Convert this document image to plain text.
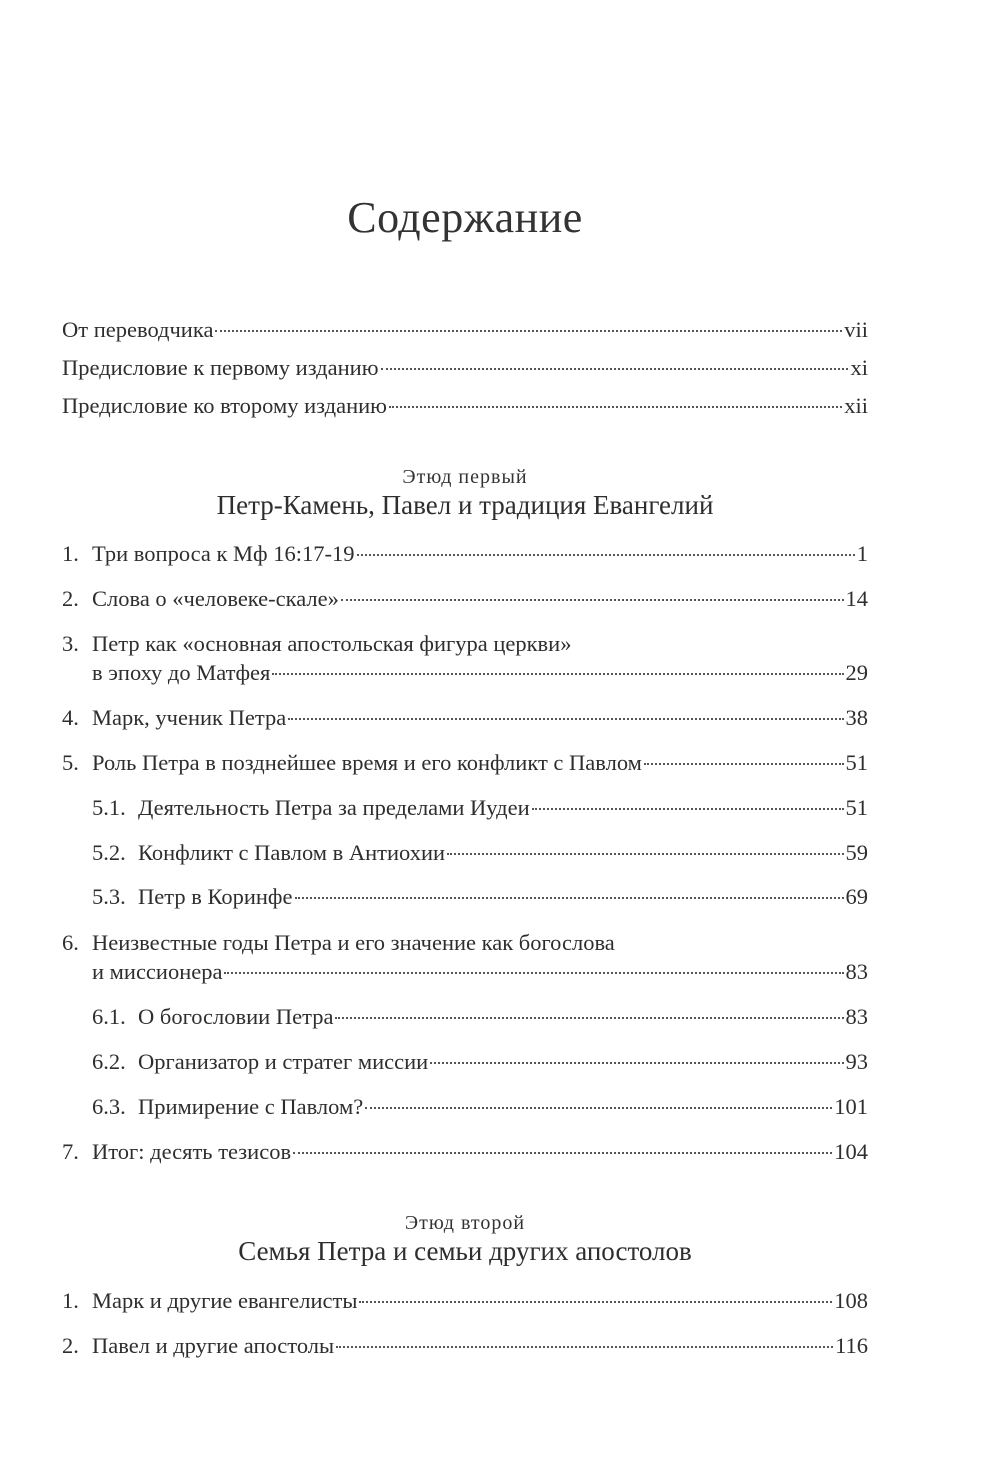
Содержание
От переводчика	vii
Предисловие к первому изданию	xi
Предисловие ко второму изданию	xii
Этюд первый
Петр-Камень, Павел и традиция Евангелий
1. Три вопроса к Мф 16:17-19	1
2. Слова о «человеке-скале»	14
3. Петр как «основная апостольская фигура церкви»
в эпоху до Матфея	29
4. Марк, ученик Петра	38
5. Роль Петра в позднейшее время и его конфликт с Павлом	51
5.1. Деятельность Петра за пределами Иудеи	51
5.2. Конфликт с Павлом в Антиохии	59
5.3. Петр в Коринфе	69
6. Неизвестные годы Петра и его значение как богослова
и миссионера	83
6.1. О богословии Петра	83
6.2. Организатор и стратег миссии	93
6.3. Примирение с Павлом?	101
7. Итог: десять тезисов	104
Этюд второй
Семья Петра и семьи других апостолов
1. Марк и другие евангелисты	108
2. Павел и другие апостолы	116
